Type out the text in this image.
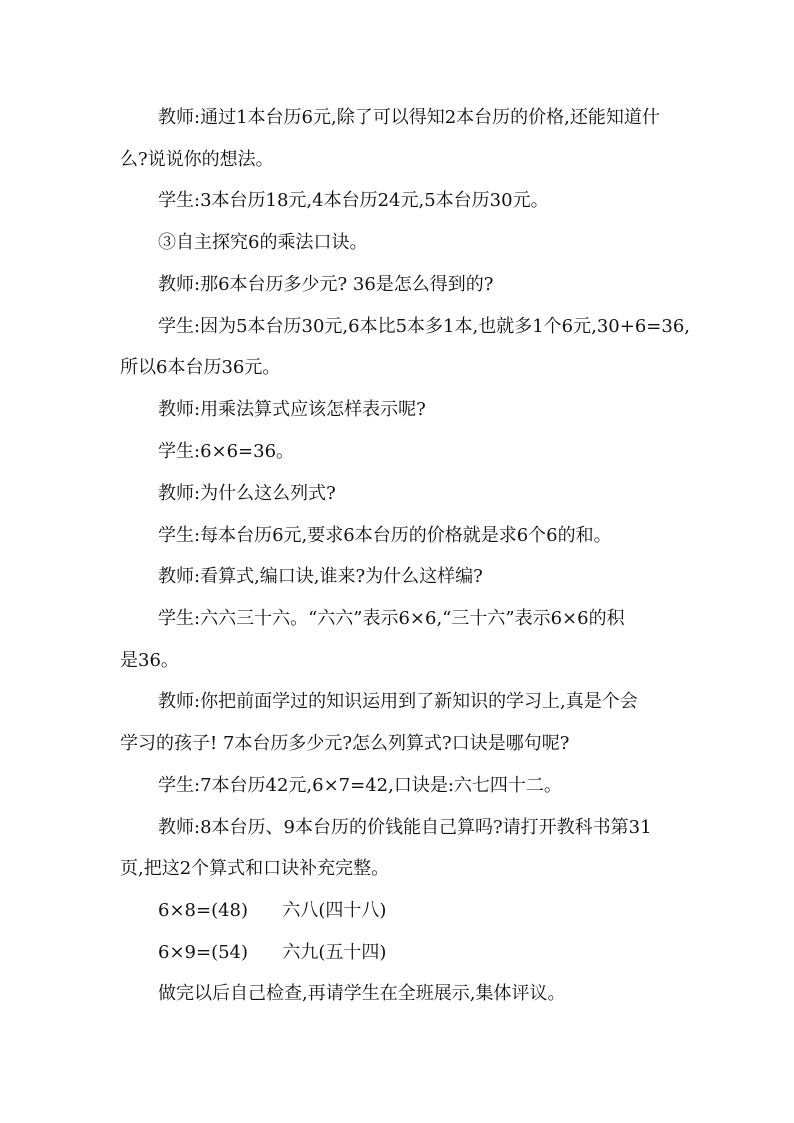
教师:通过1本台历6元,除了可以得知2本台历的价格,还能知道什
么?说说你的想法。
学生:3本台历18元,4本台历24元,5本台历30元。
③自主探究6的乘法口诀。
教师:那6本台历多少元? 36是怎么得到的?
学生:因为5本台历30元,6本比5本多1本,也就多1个6元,30+6=36,
所以6本台历36元。
教师:用乘法算式应该怎样表示呢?
学生:6×6=36。
教师:为什么这么列式?
学生:每本台历6元,要求6本台历的价格就是求6个6的和。
教师:看算式,编口诀,谁来?为什么这样编?
学生:六六三十六。“六六”表示6×6,“三十六”表示6×6的积
是36。
教师:你把前面学过的知识运用到了新知识的学习上,真是个会
学习的孩子! 7本台历多少元?怎么列算式?口诀是哪句呢?
学生:7本台历42元,6×7=42,口诀是:六七四十二。
教师:8本台历、9本台历的价钱能自己算吗?请打开教科书第31
页,把这2个算式和口诀补充完整。
6×8=(48)      六八(四十八)
6×9=(54)      六九(五十四)
做完以后自己检查,再请学生在全班展示,集体评议。
